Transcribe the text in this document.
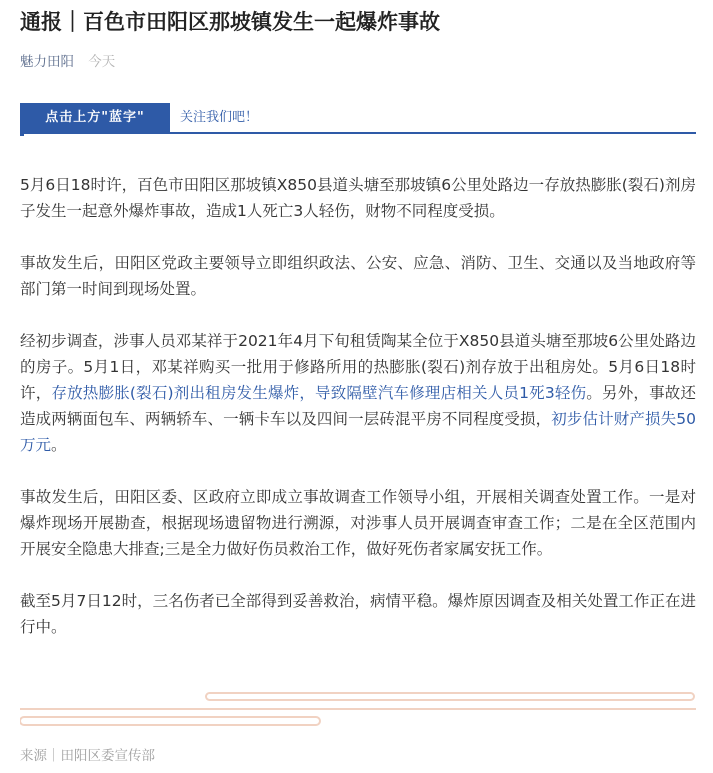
通报｜百色市田阳区那坡镇发生一起爆炸事故
魅力田阳 今天
点击上方"蓝字"	关注我们吧！

5月6日18时许，百色市田阳区那坡镇X850县道头塘至那坡镇6公里处路边一存放热膨胀(裂石)剂房子发生一起意外爆炸事故，造成1人死亡3人轻伤，财物不同程度受损。

事故发生后，田阳区党政主要领导立即组织政法、公安、应急、消防、卫生、交通以及当地政府等部门第一时间到现场处置。

经初步调查，涉事人员邓某祥于2021年4月下旬租赁陶某全位于X850县道头塘至那坡6公里处路边的房子。5月1日，邓某祥购买一批用于修路所用的热膨胀(裂石)剂存放于出租房处。5月6日18时许，存放热膨胀(裂石)剂出租房发生爆炸，导致隔壁汽车修理店相关人员1死3轻伤。另外，事故还造成两辆面包车、两辆轿车、一辆卡车以及四间一层砖混平房不同程度受损，初步估计财产损失50万元。

事故发生后，田阳区委、区政府立即成立事故调查工作领导小组，开展相关调查处置工作。一是对爆炸现场开展勘查，根据现场遗留物进行溯源，对涉事人员开展调查审查工作；二是在全区范围内开展安全隐患大排查;三是全力做好伤员救治工作，做好死伤者家属安抚工作。

截至5月7日12时，三名伤者已全部得到妥善救治，病情平稳。爆炸原因调查及相关处置工作正在进行中。

来源｜田阳区委宣传部
